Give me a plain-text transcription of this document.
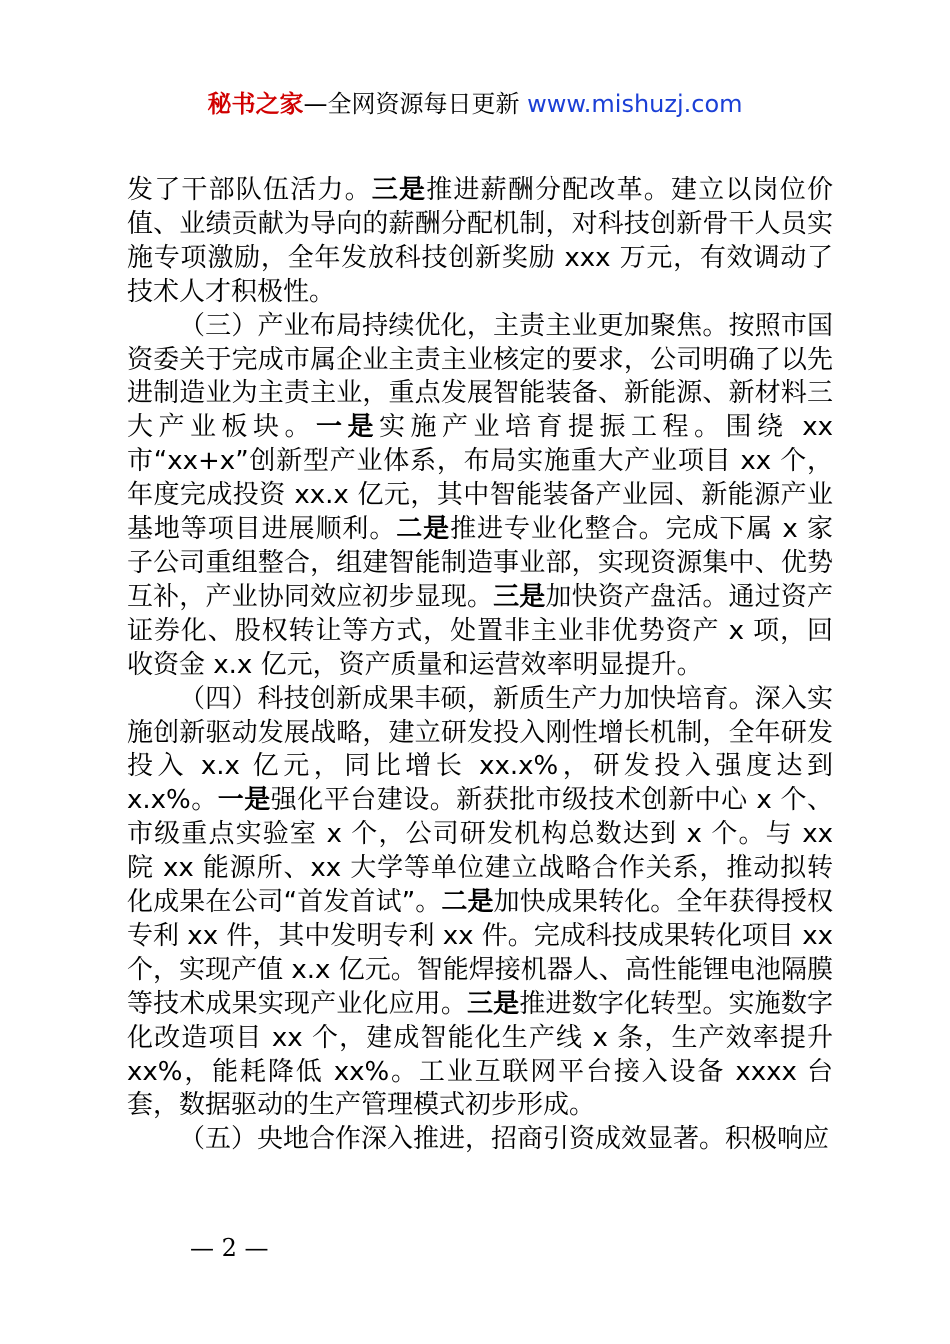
秘书之家—全网资源每日更新 www.mishuzj.com

发了干部队伍活力。三是推进薪酬分配改革。建立以岗位价值、业绩贡献为导向的薪酬分配机制，对科技创新骨干人员实施专项激励，全年发放科技创新奖励 xxx 万元，有效调动了技术人才积极性。

（三）产业布局持续优化，主责主业更加聚焦。按照市国资委关于完成市属企业主责主业核定的要求，公司明确了以先进制造业为主责主业，重点发展智能装备、新能源、新材料三大产业板块。一是实施产业培育提振工程。围绕 xx 市“xx+x”创新型产业体系，布局实施重大产业项目 xx 个，年度完成投资 xx.x 亿元，其中智能装备产业园、新能源产业基地等项目进展顺利。二是推进专业化整合。完成下属 x 家子公司重组整合，组建智能制造事业部，实现资源集中、优势互补，产业协同效应初步显现。三是加快资产盘活。通过资产证券化、股权转让等方式，处置非主业非优势资产 x 项，回收资金 x.x 亿元，资产质量和运营效率明显提升。

（四）科技创新成果丰硕，新质生产力加快培育。深入实施创新驱动发展战略，建立研发投入刚性增长机制，全年研发投入 x.x 亿元，同比增长 xx.x%，研发投入强度达到 x.x%。一是强化平台建设。新获批市级技术创新中心 x 个、市级重点实验室 x 个，公司研发机构总数达到 x 个。与 xx 院 xx 能源所、xx 大学等单位建立战略合作关系，推动拟转化成果在公司“首发首试”。二是加快成果转化。全年获得授权专利 xx 件，其中发明专利 xx 件。完成科技成果转化项目 xx 个，实现产值 x.x 亿元。智能焊接机器人、高性能锂电池隔膜等技术成果实现产业化应用。三是推进数字化转型。实施数字化改造项目 xx 个，建成智能化生产线 x 条，生产效率提升 xx%，能耗降低 xx%。工业互联网平台接入设备 xxxx 台套，数据驱动的生产管理模式初步形成。

（五）央地合作深入推进，招商引资成效显著。积极响应

— 2 —
